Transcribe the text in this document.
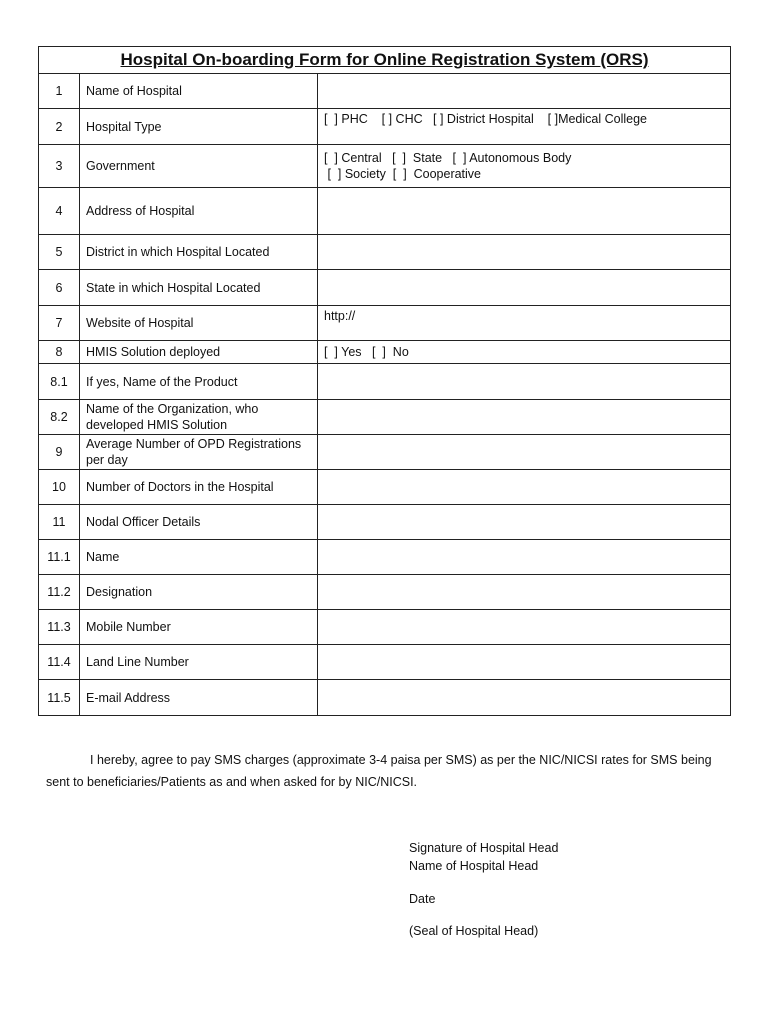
Hospital On-boarding Form for Online Registration System (ORS)		
1	Name of Hospital	
2	Hospital Type	[  ] PHC    [ ] CHC   [ ] District Hospital    [ ]Medical College
3	Government	[  ] Central   [  ]  State   [  ] Autonomous Body
[  ] Society  [  ]  Cooperative
4	Address of Hospital	
5	District in which Hospital Located	
6	State in which Hospital Located	
7	Website of Hospital	http://
8	HMIS Solution deployed	[  ] Yes   [  ]  No
8.1	If yes, Name of the Product	
8.2	Name of the Organization, who developed HMIS Solution	
9	Average Number of OPD Registrations per day	
10	Number of Doctors in the Hospital	
11	Nodal Officer Details	
11.1	Name	
11.2	Designation	
11.3	Mobile Number	
11.4	Land Line Number	
11.5	E-mail Address	

I hereby, agree to pay SMS charges (approximate 3-4 paisa per SMS) as per the NIC/NICSI rates for SMS being sent to beneficiaries/Patients as and when asked for by NIC/NICSI.

Signature of Hospital Head
Name of Hospital Head
Date
(Seal of Hospital Head)
